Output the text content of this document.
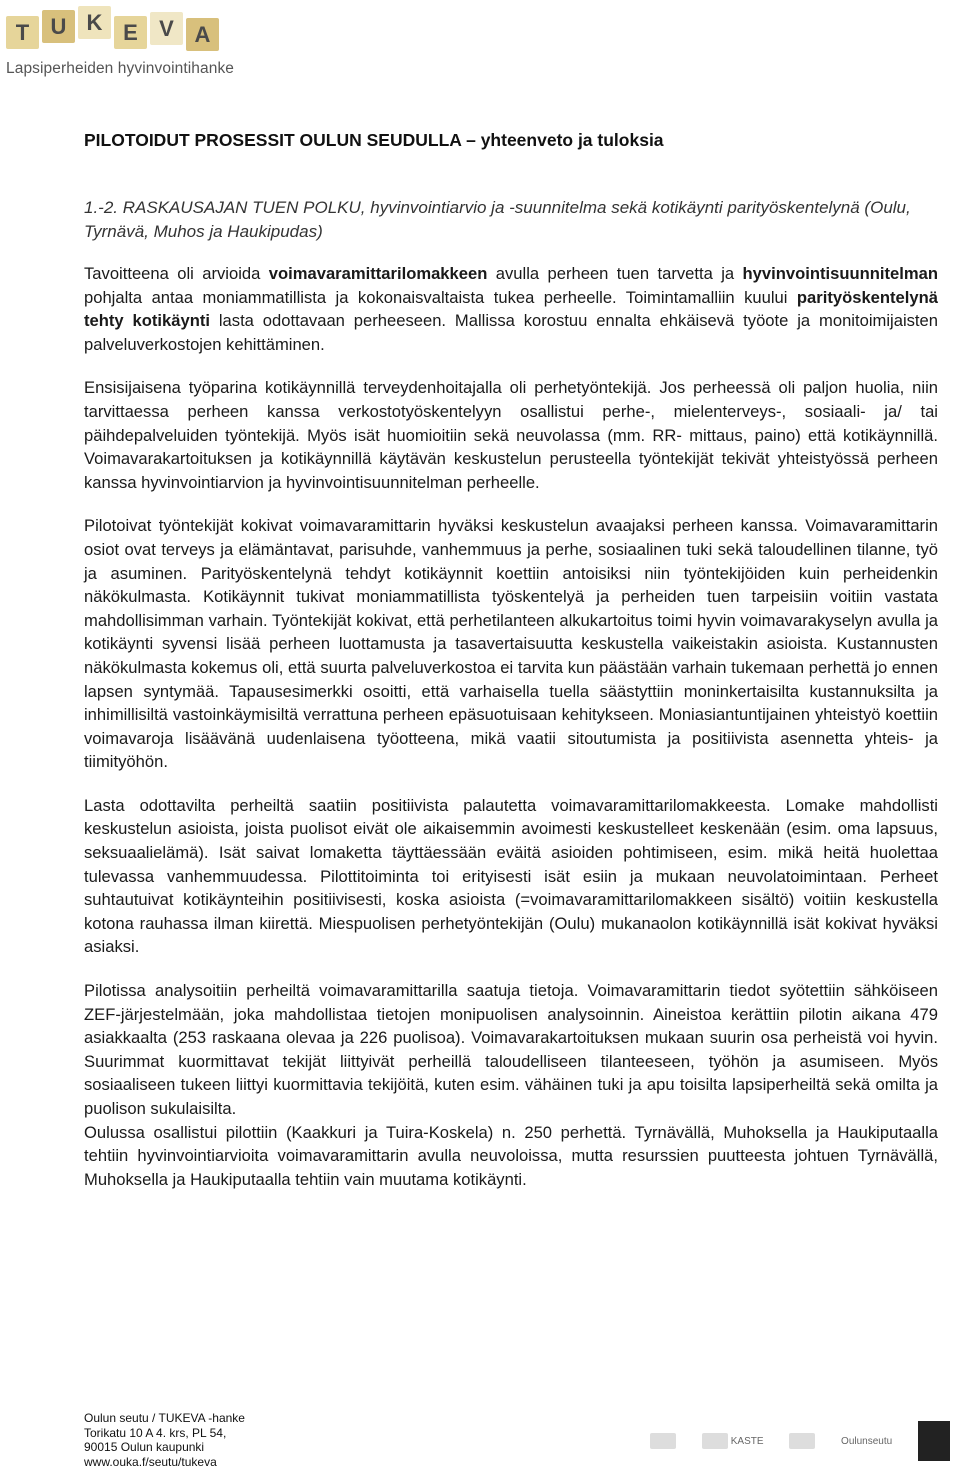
T U K E V A
Lapsiperheiden hyvinvointihanke
PILOTOIDUT PROSESSIT OULUN SEUDULLA – yhteenveto ja tuloksia
1.-2. RASKAUSAJAN TUEN POLKU, hyvinvointiarvio ja -suunnitelma sekä kotikäynti parityöskentelynä (Oulu, Tyrnävä, Muhos ja Haukipudas)

Tavoitteena oli arvioida voimavaramittarilomakkeen avulla perheen tuen tarvetta ja hyvinvointisuunnitelman pohjalta antaa moniammatillista ja kokonaisvaltaista tukea perheelle. Toimintamalliin kuului parityöskentelynä tehty kotikäynti lasta odottavaan perheeseen. Mallissa korostuu ennalta ehkäisevä työote ja monitoimijaisten palveluverkostojen kehittäminen.

Ensisijaisena työparina kotikäynnillä terveydenhoitajalla oli perhetyöntekijä. Jos perheessä oli paljon huolia, niin tarvittaessa perheen kanssa verkostotyöskentelyyn osallistui perhe-, mielenterveys-, sosiaali- ja/ tai päihdepalveluiden työntekijä. Myös isät huomioitiin sekä neuvolassa (mm. RR- mittaus, paino) että kotikäynnillä. Voimavarakartoituksen ja kotikäynnillä käytävän keskustelun perusteella työntekijät tekivät yhteistyössä perheen kanssa hyvinvointiarvion ja hyvinvointisuunnitelman perheelle.

Pilotoivat työntekijät kokivat voimavaramittarin hyväksi keskustelun avaajaksi perheen kanssa. Voimavaramittarin osiot ovat terveys ja elämäntavat, parisuhde, vanhemmuus ja perhe, sosiaalinen tuki sekä taloudellinen tilanne, työ ja asuminen. Parityöskentelynä tehdyt kotikäynnit koettiin antoisiksi niin työntekijöiden kuin perheidenkin näkökulmasta. Kotikäynnit tukivat moniammatillista työskentelyä ja perheiden tuen tarpeisiin voitiin vastata mahdollisimman varhain. Työntekijät kokivat, että perhetilanteen alkukartoitus toimi hyvin voimavarakyselyn avulla ja kotikäynti syvensi lisää perheen luottamusta ja tasavertaisuutta keskustella vaikeistakin asioista. Kustannusten näkökulmasta kokemus oli, että suurta palveluverkostoa ei tarvita kun päästään varhain tukemaan perhettä jo ennen lapsen syntymää. Tapausesimerkki osoitti, että varhaisella tuella säästyttiin moninkertaisilta kustannuksilta ja inhimillisiltä vastoinkäymisiltä verrattuna perheen epäsuotuisaan kehitykseen. Moniasiantuntijainen yhteistyö koettiin voimavaroja lisäävänä uudenlaisena työotteena, mikä vaatii sitoutumista ja positiivista asennetta yhteis- ja tiimityöhön.

Lasta odottavilta perheiltä saatiin positiivista palautetta voimavaramittarilomakkeesta. Lomake mahdollisti keskustelun asioista, joista puolisot eivät ole aikaisemmin avoimesti keskustelleet keskenään (esim. oma lapsuus, seksuaalielämä). Isät saivat lomaketta täyttäessään eväitä asioiden pohtimiseen, esim. mikä heitä huolettaa tulevassa vanhemmuudessa. Pilottitoiminta toi erityisesti isät esiin ja mukaan neuvolatoimintaan. Perheet suhtautuivat kotikäynteihin positiivisesti, koska asioista (=voimavaramittarilomakkeen sisältö) voitiin keskustella kotona rauhassa ilman kiirettä. Miespuolisen perhetyöntekijän (Oulu) mukanaolon kotikäynnillä isät kokivat hyväksi asiaksi.

Pilotissa analysoitiin perheiltä voimavaramittarilla saatuja tietoja. Voimavaramittarin tiedot syötettiin sähköiseen ZEF-järjestelmään, joka mahdollistaa tietojen monipuolisen analysoinnin. Aineistoa kerättiin pilotin aikana 479 asiakkaalta (253 raskaana olevaa ja 226 puolisoa). Voimavarakartoituksen mukaan suurin osa perheistä voi hyvin. Suurimmat kuormittavat tekijät liittyivät perheillä taloudelliseen tilanteeseen, työhön ja asumiseen. Myös sosiaaliseen tukeen liittyi kuormittavia tekijöitä, kuten esim. vähäinen tuki ja apu toisilta lapsiperheiltä sekä omilta ja puolison sukulaisilta.

Oulussa osallistui pilottiin (Kaakkuri ja Tuira-Koskela) n. 250 perhettä. Tyrnävällä, Muhoksella ja Haukiputaalla tehtiin hyvinvointiarvioita voimavaramittarin avulla neuvoloissa, mutta resurssien puutteesta johtuen Tyrnävällä, Muhoksella ja Haukiputaalla tehtiin vain muutama kotikäynti.

Oulun seutu / TUKEVA -hanke
Torikatu 10 A 4. krs, PL 54,
90015 Oulun kaupunki
www.ouka.f/seutu/tukeva
KASTE	Oulunseutu
